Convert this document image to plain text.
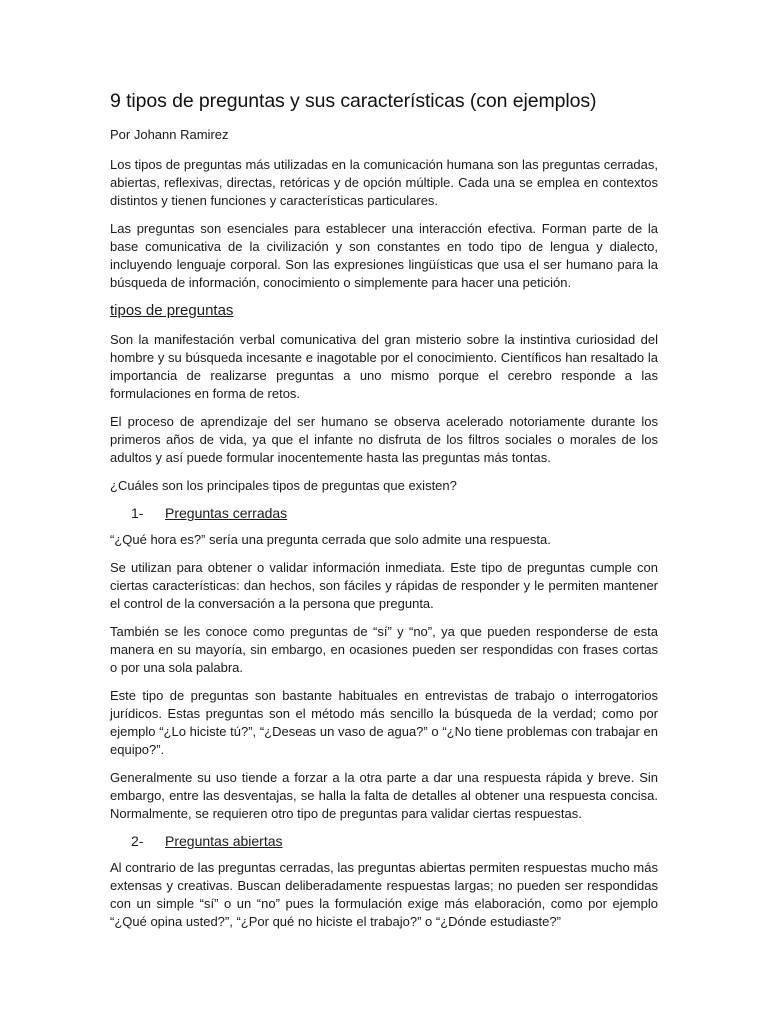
9 tipos de preguntas y sus características (con ejemplos)
Por Johann Ramirez

Los tipos de preguntas más utilizadas en la comunicación humana son las preguntas cerradas, abiertas, reflexivas, directas, retóricas y de opción múltiple. Cada una se emplea en contextos distintos y tienen funciones y características particulares.

Las preguntas son esenciales para establecer una interacción efectiva. Forman parte de la base comunicativa de la civilización y son constantes en todo tipo de lengua y dialecto, incluyendo lenguaje corporal. Son las expresiones lingüísticas que usa el ser humano para la búsqueda de información, conocimiento o simplemente para hacer una petición.

tipos de preguntas

Son la manifestación verbal comunicativa del gran misterio sobre la instintiva curiosidad del hombre y su búsqueda incesante e inagotable por el conocimiento. Científicos han resaltado la importancia de realizarse preguntas a uno mismo porque el cerebro responde a las formulaciones en forma de retos.

El proceso de aprendizaje del ser humano se observa acelerado notoriamente durante los primeros años de vida, ya que el infante no disfruta de los filtros sociales o morales de los adultos y así puede formular inocentemente hasta las preguntas más tontas.

¿Cuáles son los principales tipos de preguntas que existen?

1-	Preguntas cerradas

“¿Qué hora es?” sería una pregunta cerrada que solo admite una respuesta.

Se utilizan para obtener o validar información inmediata. Este tipo de preguntas cumple con ciertas características: dan hechos, son fáciles y rápidas de responder y le permiten mantener el control de la conversación a la persona que pregunta.

También se les conoce como preguntas de “sí” y “no”, ya que pueden responderse de esta manera en su mayoría, sin embargo, en ocasiones pueden ser respondidas con frases cortas o por una sola palabra.

Este tipo de preguntas son bastante habituales en entrevistas de trabajo o interrogatorios jurídicos. Estas preguntas son el método más sencillo la búsqueda de la verdad; como por ejemplo “¿Lo hiciste tú?”, “¿Deseas un vaso de agua?” o “¿No tiene problemas con trabajar en equipo?”.

Generalmente su uso tiende a forzar a la otra parte a dar una respuesta rápida y breve. Sin embargo, entre las desventajas, se halla la falta de detalles al obtener una respuesta concisa. Normalmente, se requieren otro tipo de preguntas para validar ciertas respuestas.

2-	Preguntas abiertas

Al contrario de las preguntas cerradas, las preguntas abiertas permiten respuestas mucho más extensas y creativas. Buscan deliberadamente respuestas largas; no pueden ser respondidas con un simple “sí” o un “no” pues la formulación exige más elaboración, como por ejemplo “¿Qué opina usted?”, “¿Por qué no hiciste el trabajo?” o “¿Dónde estudiaste?”
